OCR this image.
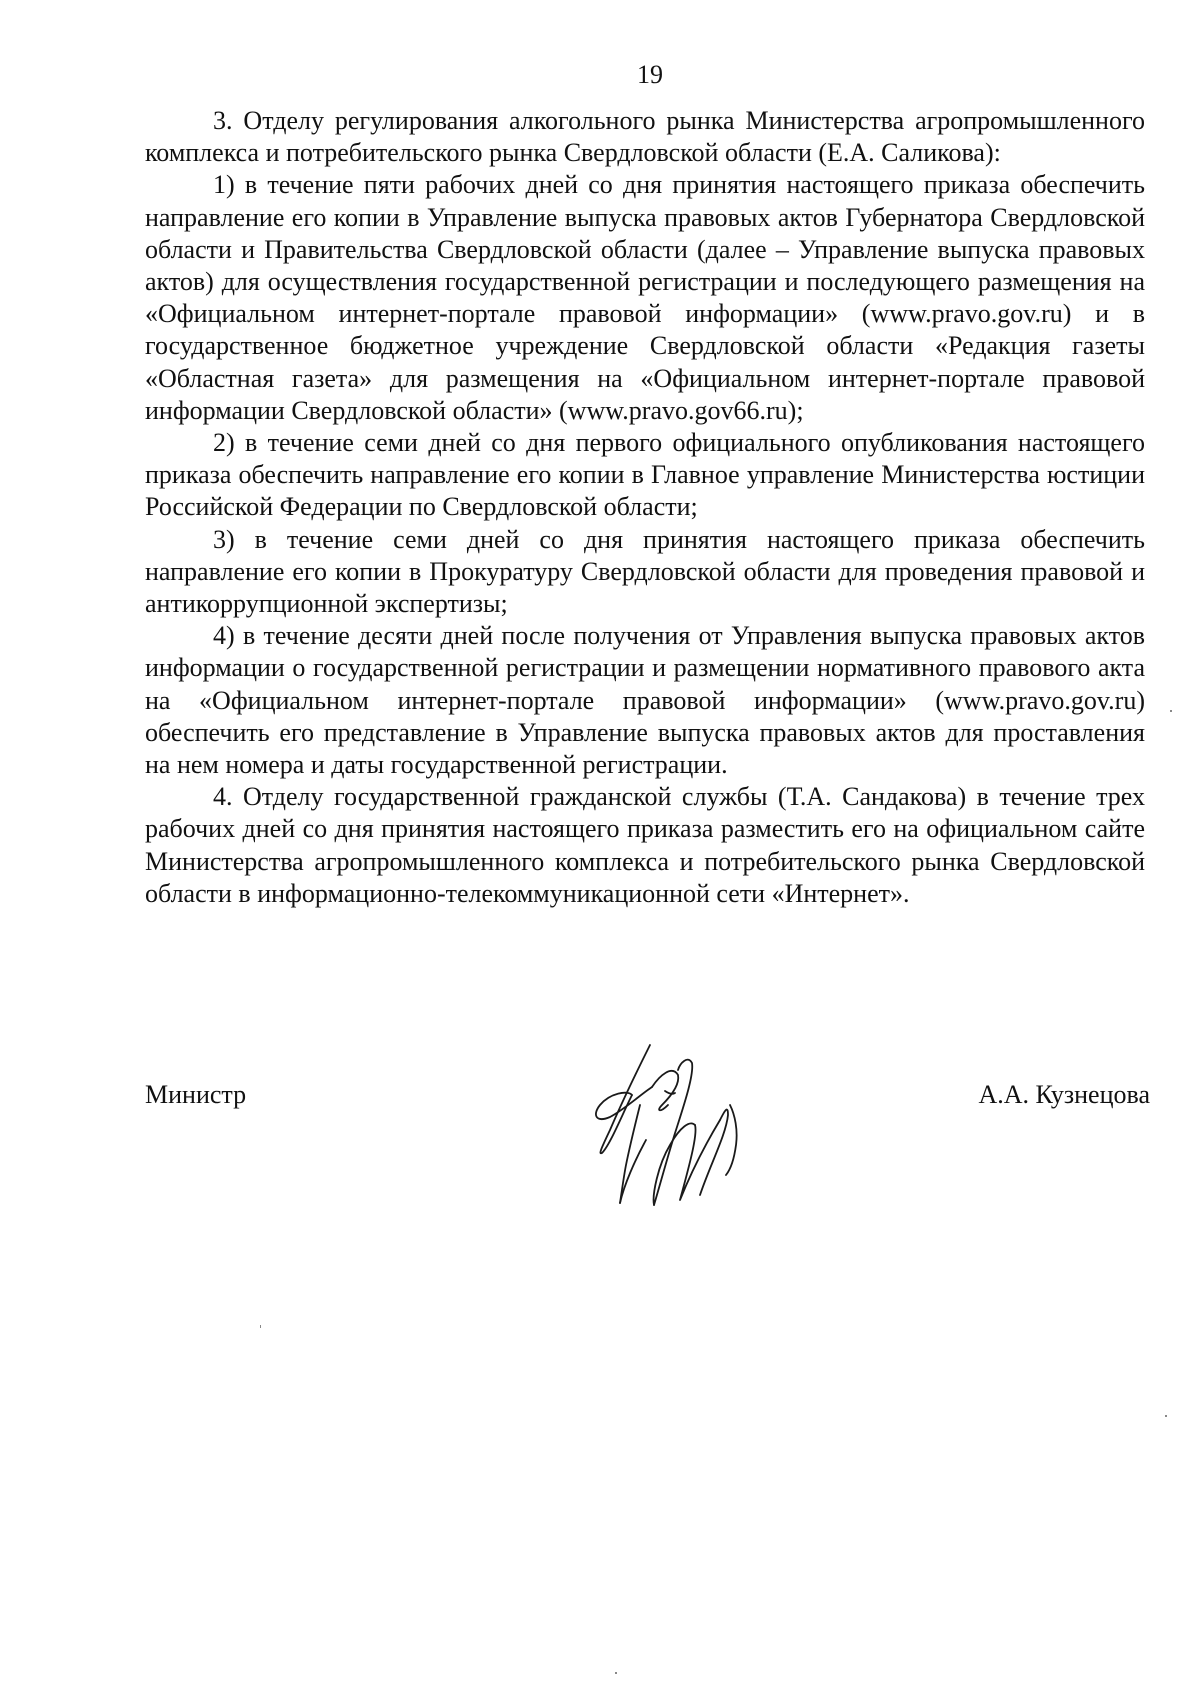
19

3. Отделу регулирования алкогольного рынка Министерства агропромышленного комплекса и потребительского рынка Свердловской области (Е.А. Саликова):

1) в течение пяти рабочих дней со дня принятия настоящего приказа обеспечить направление его копии в Управление выпуска правовых актов Губернатора Свердловской области и Правительства Свердловской области (далее – Управление выпуска правовых актов) для осуществления государственной регистрации и последующего размещения на «Официальном интернет-портале правовой информации» (www.pravo.gov.ru) и в государственное бюджетное учреждение Свердловской области «Редакция газеты «Областная газета» для размещения на «Официальном интернет-портале правовой информации Свердловской области» (www.pravo.gov66.ru);

2) в течение семи дней со дня первого официального опубликования настоящего приказа обеспечить направление его копии в Главное управление Министерства юстиции Российской Федерации по Свердловской области;

3) в течение семи дней со дня принятия настоящего приказа обеспечить направление его копии в Прокуратуру Свердловской области для проведения правовой и антикоррупционной экспертизы;

4) в течение десяти дней после получения от Управления выпуска правовых актов информации о государственной регистрации и размещении нормативного правового акта на «Официальном интернет-портале правовой информации» (www.pravo.gov.ru) обеспечить его представление в Управление выпуска правовых актов для проставления на нем номера и даты государственной регистрации.

4. Отделу государственной гражданской службы (Т.А. Сандакова) в течение трех рабочих дней со дня принятия настоящего приказа разместить его на официальном сайте Министерства агропромышленного комплекса и потребительского рынка Свердловской области в информационно-телекоммуникационной сети «Интернет».

Министр	А.А. Кузнецова
